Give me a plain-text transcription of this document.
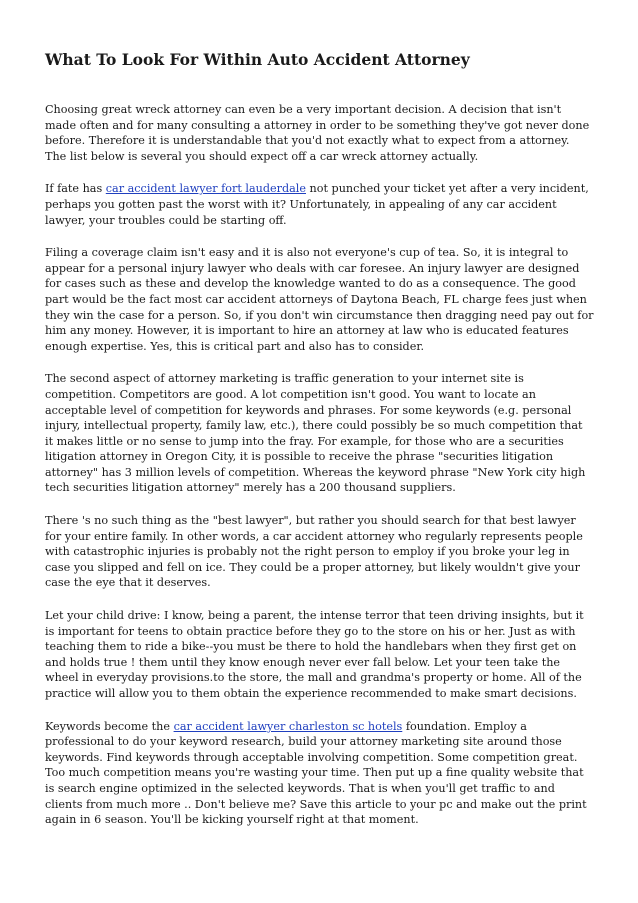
What To Look For Within Auto Accident Attorney

Choosing great wreck attorney can even be a very important decision. A decision that isn't made often and for many consulting a attorney in order to be something they've got never done before. Therefore it is understandable that you'd not exactly what to expect from a attorney. The list below is several you should expect off a car wreck attorney actually.

If fate has car accident lawyer fort lauderdale not punched your ticket yet after a very incident, perhaps you gotten past the worst with it? Unfortunately, in appealing of any car accident lawyer, your troubles could be starting off.

Filing a coverage claim isn't easy and it is also not everyone's cup of tea. So, it is integral to appear for a personal injury lawyer who deals with car foresee. An injury lawyer are designed for cases such as these and develop the knowledge wanted to do as a consequence. The good part would be the fact most car accident attorneys of Daytona Beach, FL charge fees just when they win the case for a person. So, if you don't win circumstance then dragging need pay out for him any money. However, it is important to hire an attorney at law who is educated features enough expertise. Yes, this is critical part and also has to consider.

The second aspect of attorney marketing is traffic generation to your internet site is competition. Competitors are good. A lot competition isn't good. You want to locate an acceptable level of competition for keywords and phrases. For some keywords (e.g. personal injury, intellectual property, family law, etc.), there could possibly be so much competition that it makes little or no sense to jump into the fray. For example, for those who are a securities litigation attorney in Oregon City, it is possible to receive the phrase "securities litigation attorney" has 3 million levels of competition. Whereas the keyword phrase "New York city high tech securities litigation attorney" merely has a 200 thousand suppliers.

There 's no such thing as the "best lawyer", but rather you should search for that best lawyer for your entire family. In other words, a car accident attorney who regularly represents people with catastrophic injuries is probably not the right person to employ if you broke your leg in case you slipped and fell on ice. They could be a proper attorney, but likely wouldn't give your case the eye that it deserves.

Let your child drive: I know, being a parent, the intense terror that teen driving insights, but it is important for teens to obtain practice before they go to the store on his or her. Just as with teaching them to ride a bike--you must be there to hold the handlebars when they first get on and holds true ! them until they know enough never ever fall below. Let your teen take the wheel in everyday provisions.to the store, the mall and grandma's property or home. All of the practice will allow you to them obtain the experience recommended to make smart decisions.

Keywords become the car accident lawyer charleston sc hotels foundation. Employ a professional to do your keyword research, build your attorney marketing site around those keywords. Find keywords through acceptable involving competition. Some competition great. Too much competition means you're wasting your time. Then put up a fine quality website that is search engine optimized in the selected keywords. That is when you'll get traffic to and clients from much more .. Don't believe me? Save this article to your pc and make out the print again in 6 season. You'll be kicking yourself right at that moment.
